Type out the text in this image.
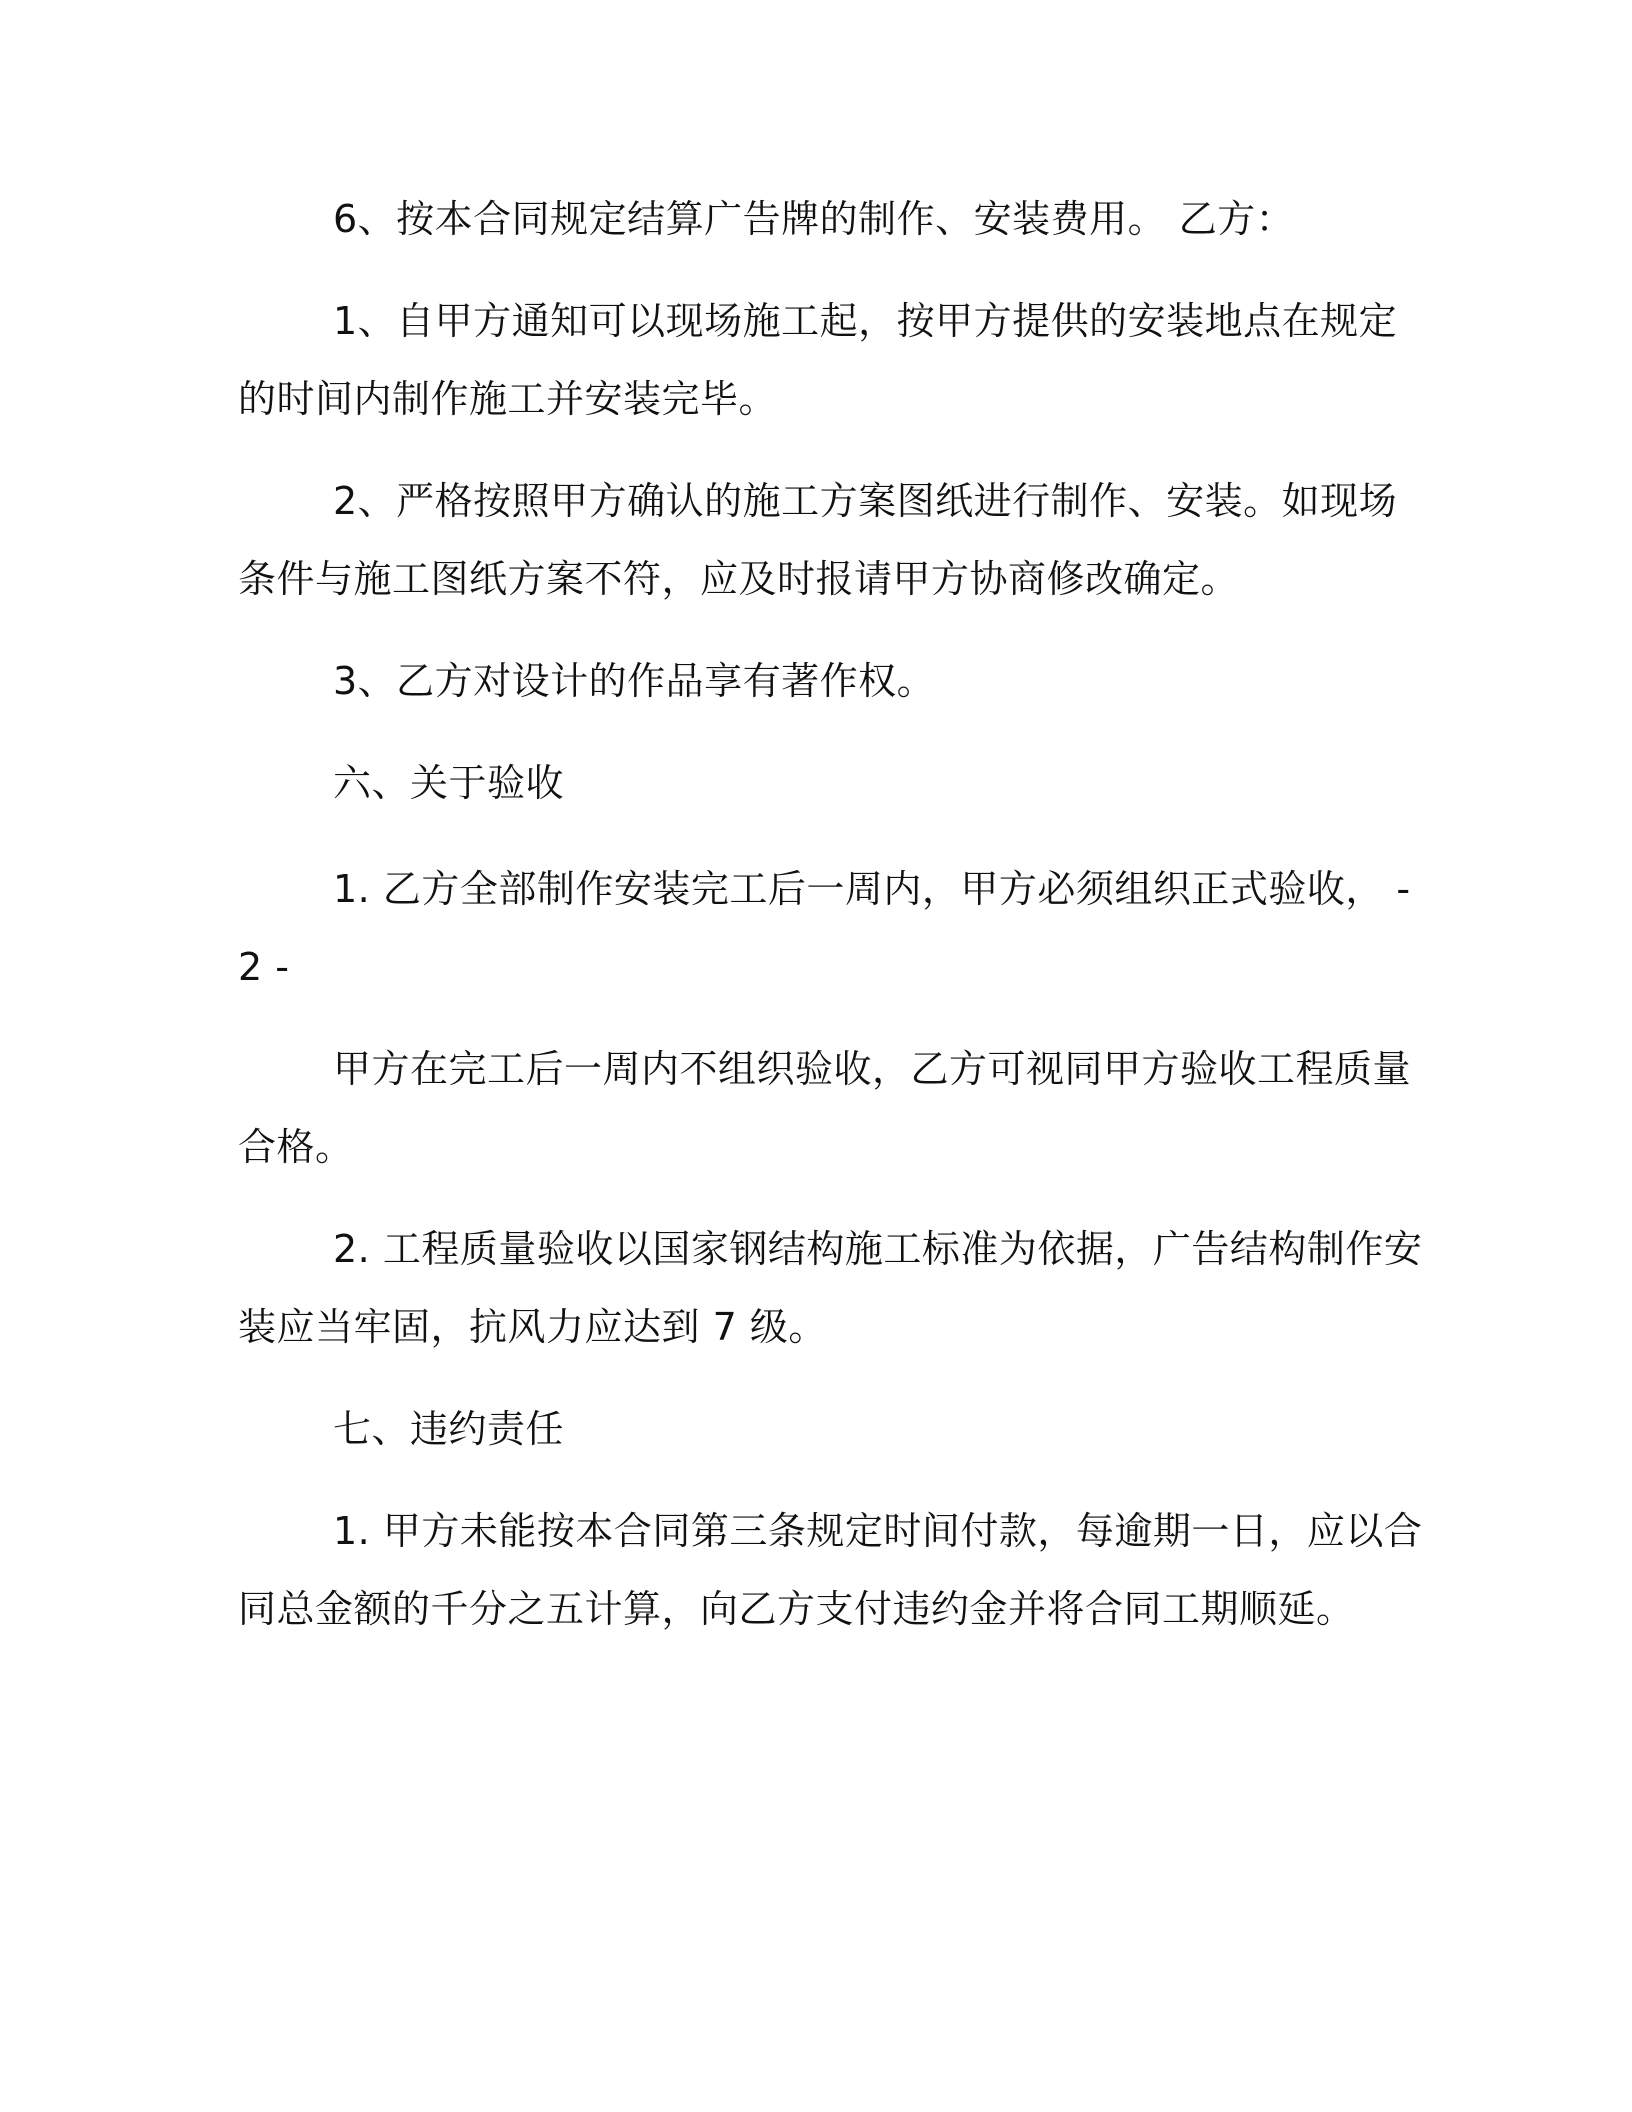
6、按本合同规定结算广告牌的制作、安装费用。 乙方：
1、自甲方通知可以现场施工起，按甲方提供的安装地点在规定
的时间内制作施工并安装完毕。
2、严格按照甲方确认的施工方案图纸进行制作、安装。如现场
条件与施工图纸方案不符，应及时报请甲方协商修改确定。
3、乙方对设计的作品享有著作权。
六、关于验收
1. 乙方全部制作安装完工后一周内，甲方必须组织正式验收， -
2 -
甲方在完工后一周内不组织验收，乙方可视同甲方验收工程质量
合格。
2. 工程质量验收以国家钢结构施工标准为依据，广告结构制作安
装应当牢固，抗风力应达到 7 级。
七、违约责任
1. 甲方未能按本合同第三条规定时间付款，每逾期一日，应以合
同总金额的千分之五计算，向乙方支付违约金并将合同工期顺延。
